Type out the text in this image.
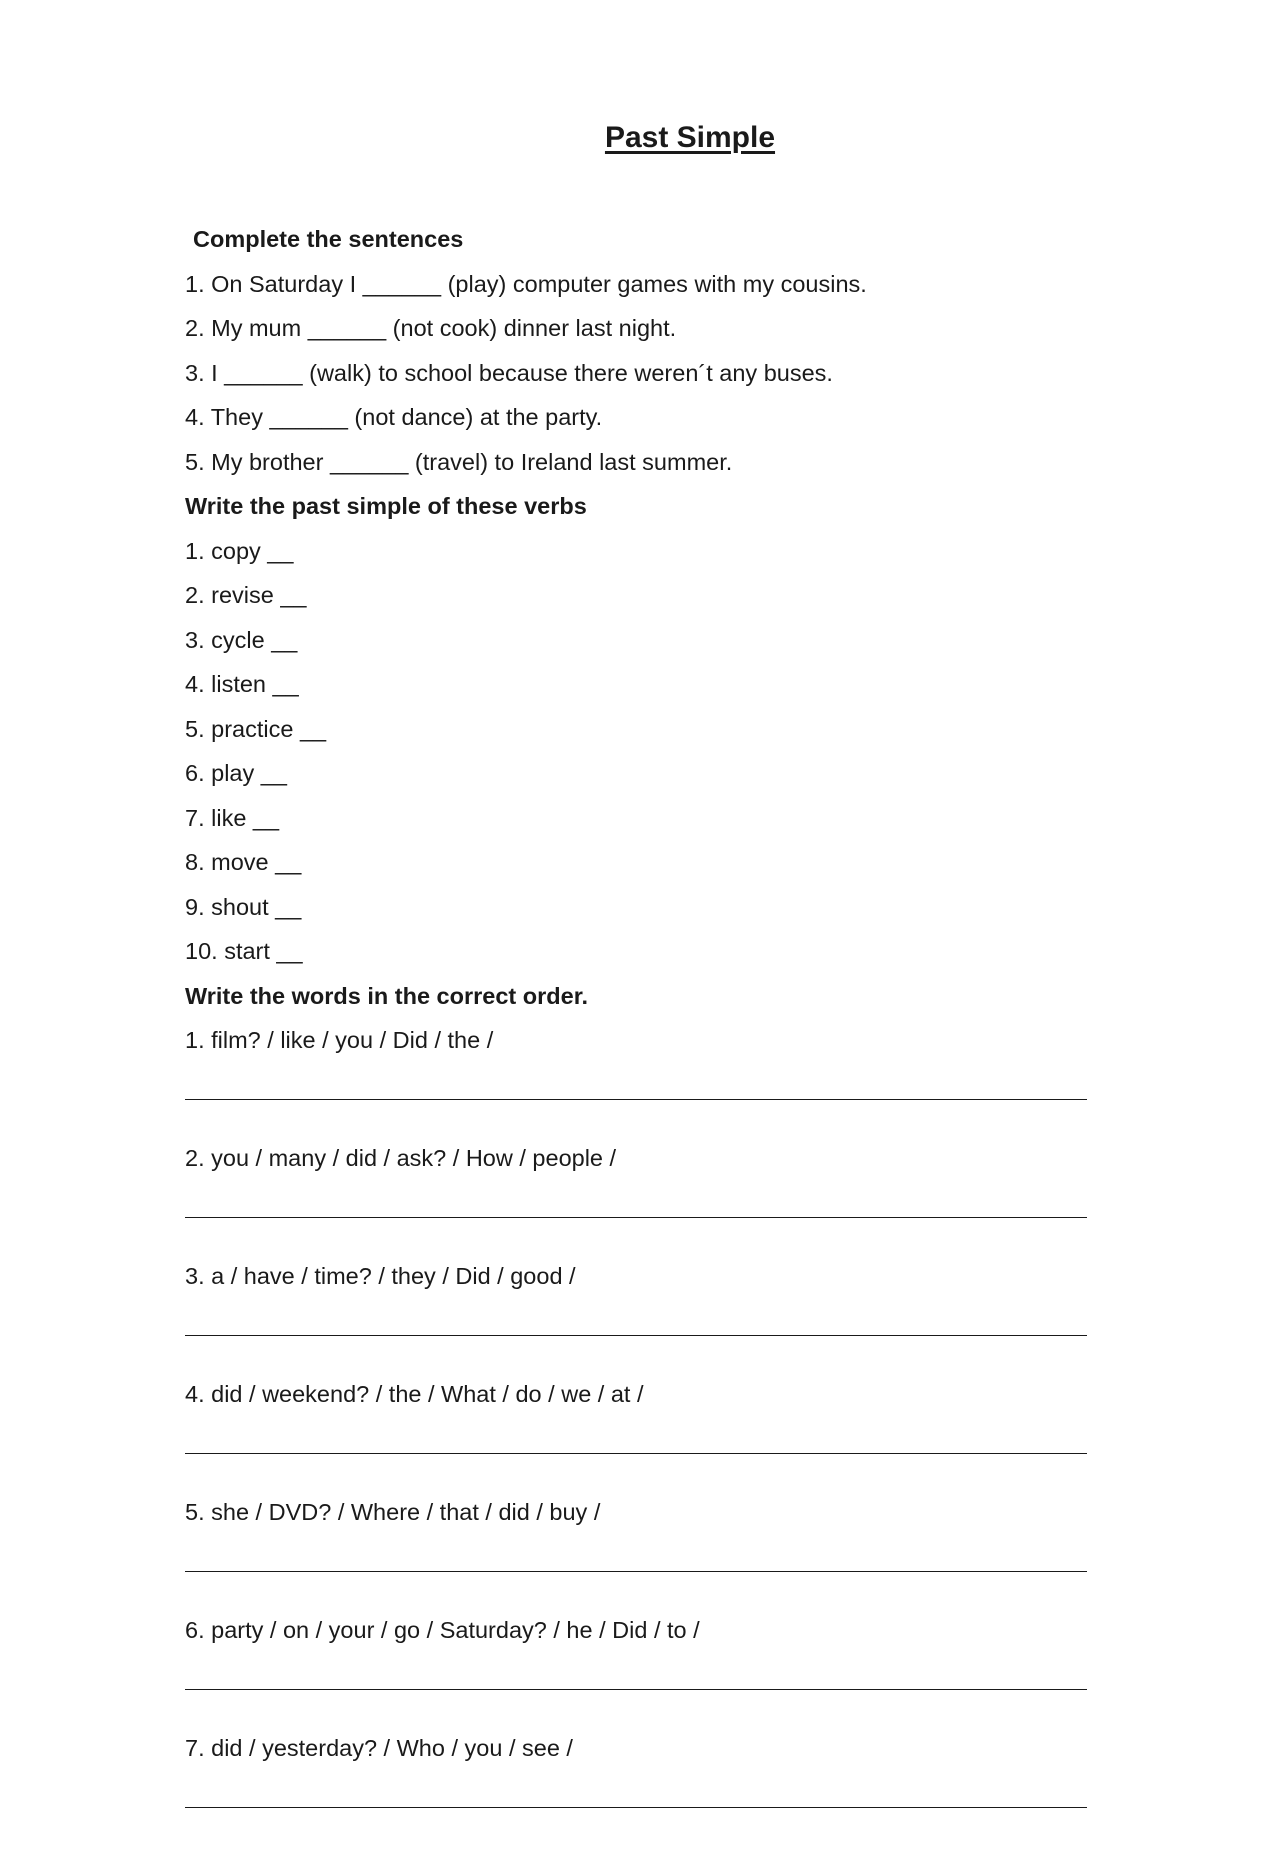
Past Simple
Complete the sentences
1. On Saturday I ______ (play) computer games with my cousins.
2. My mum ______ (not cook) dinner last night.
3. I ______ (walk) to school because there weren´t any buses.
4. They ______ (not dance) at the party.
5. My brother ______ (travel) to Ireland last summer.
Write the past simple of these verbs
1. copy __
2. revise __
3. cycle __
4. listen __
5. practice __
6. play __
7. like __
8. move __
9. shout __
10. start __
Write the words in the correct order.
1. film? / like / you / Did / the /
2. you / many / did / ask? / How / people /
3. a / have / time? / they / Did / good /
4. did / weekend? / the / What / do / we / at /
5. she / DVD? / Where / that / did / buy /
6. party / on / your / go / Saturday? / he / Did / to /
7. did / yesterday? / Who / you / see /
